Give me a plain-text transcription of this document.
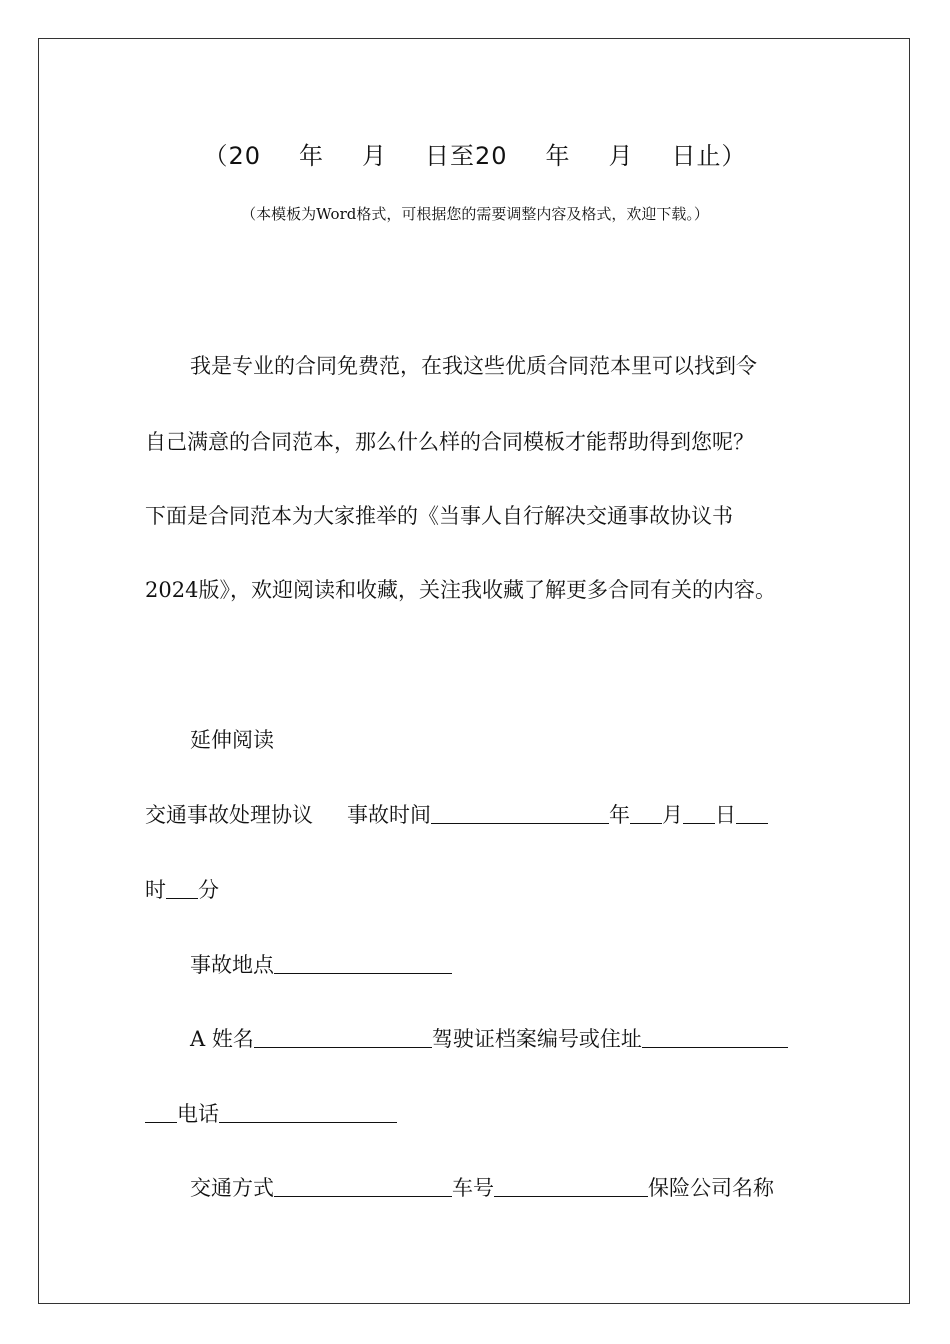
（20 年 月 日至20 年 月 日止）
（本模板为Word格式，可根据您的需要调整内容及格式，欢迎下载。）
我是专业的合同免费范，在我这些优质合同范本里可以找到令
自己满意的合同范本，那么什么样的合同模板才能帮助得到您呢？
下面是合同范本为大家推举的《当事人自行解决交通事故协议书
2024版》，欢迎阅读和收藏，关注我收藏了解更多合同有关的内容。
延伸阅读
交通事故处理协议 事故时间	年 月 日
时 分
事故地点
A 姓名	驾驶证档案编号或住址
电话
交通方式	车号	保险公司名称
